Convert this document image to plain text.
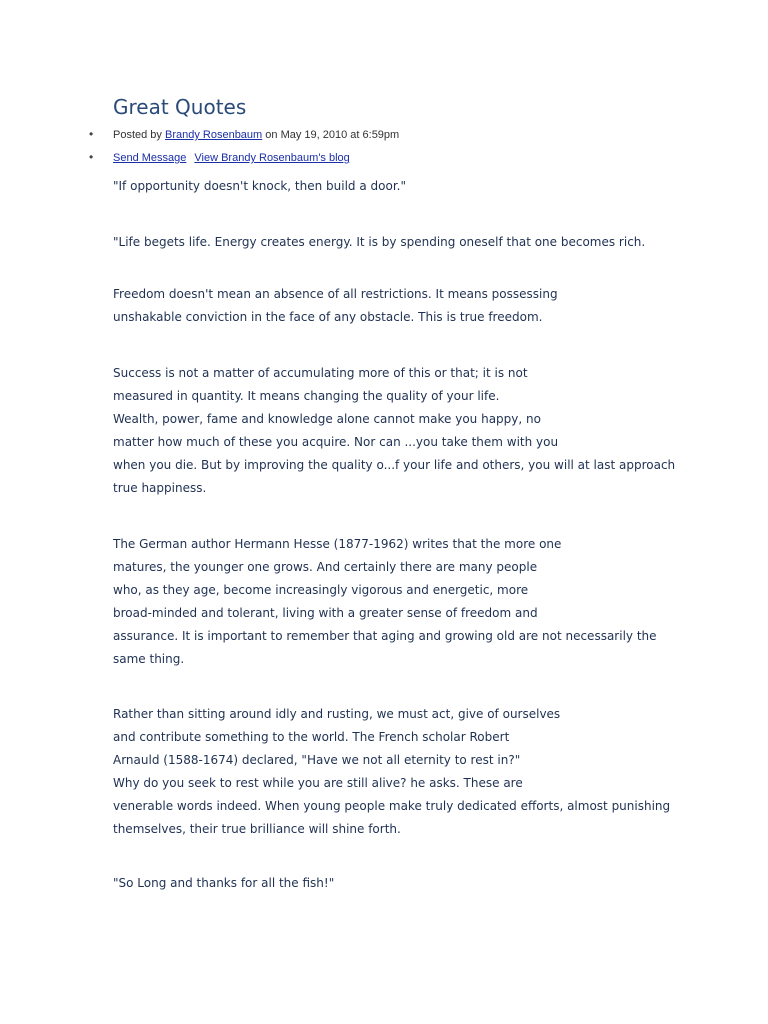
Great Quotes
• Posted by Brandy Rosenbaum on May 19, 2010 at 6:59pm
• Send Message View Brandy Rosenbaum's blog
"If opportunity doesn't knock, then build a door."
"Life begets life. Energy creates energy. It is by spending oneself that one becomes rich.
Freedom doesn't mean an absence of all restrictions. It means possessing
unshakable conviction in the face of any obstacle. This is true freedom.
Success is not a matter of accumulating more of this or that; it is not
measured in quantity. It means changing the quality of your life.
Wealth, power, fame and knowledge alone cannot make you happy, no
matter how much of these you acquire. Nor can ...you take them with you
when you die. But by improving the quality o...f your life and others, you will at last approach
true happiness.
The German author Hermann Hesse (1877-1962) writes that the more one
matures, the younger one grows. And certainly there are many people
who, as they age, become increasingly vigorous and energetic, more
broad-minded and tolerant, living with a greater sense of freedom and
assurance. It is important to remember that aging and growing old are not necessarily the
same thing.
Rather than sitting around idly and rusting, we must act, give of ourselves
and contribute something to the world. The French scholar Robert
Arnauld (1588-1674) declared, "Have we not all eternity to rest in?"
Why do you seek to rest while you are still alive? he asks. These are
venerable words indeed. When young people make truly dedicated efforts, almost punishing
themselves, their true brilliance will shine forth.
"So Long and thanks for all the fish!"
